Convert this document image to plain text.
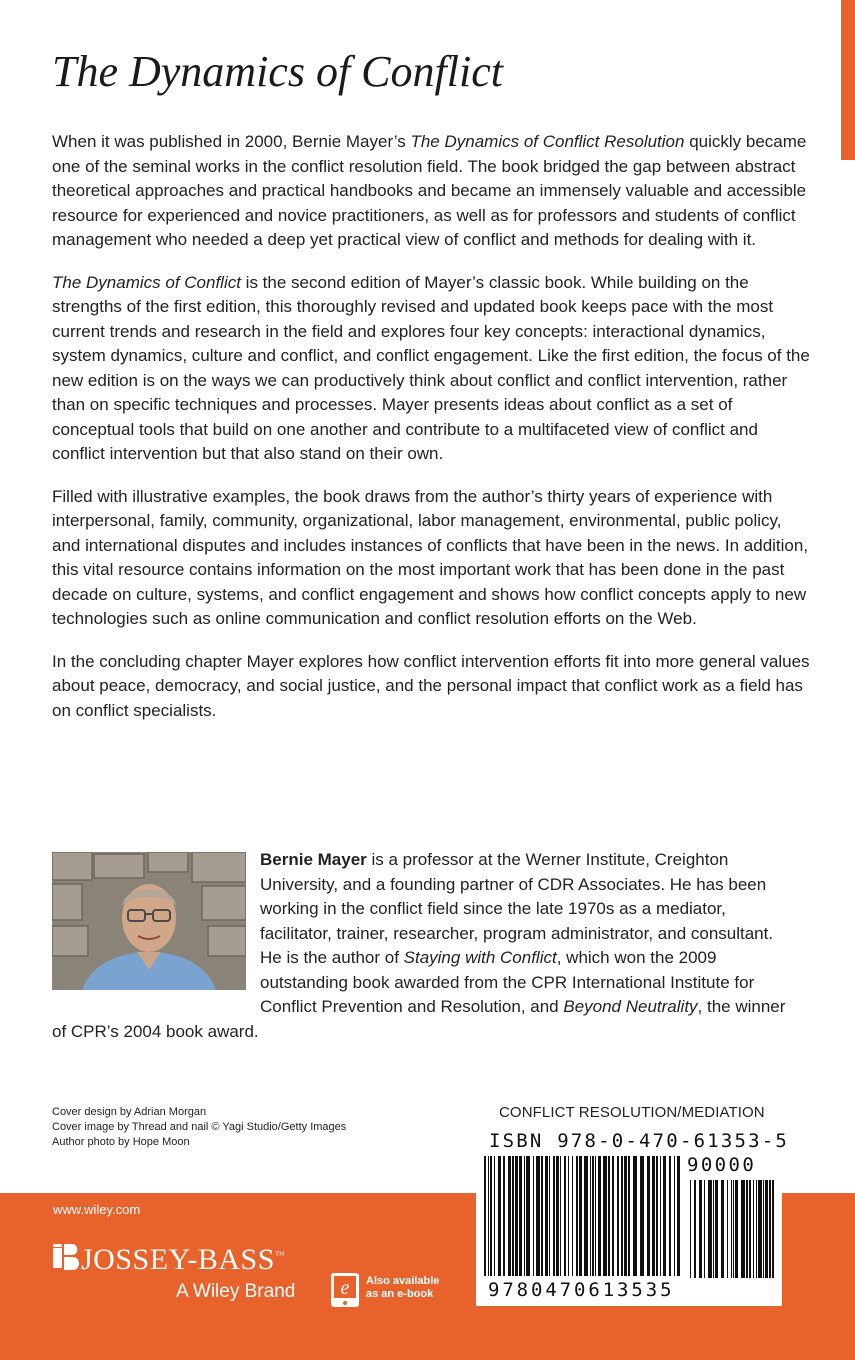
The Dynamics of Conflict

When it was published in 2000, Bernie Mayer’s The Dynamics of Conflict Resolution quickly became one of the seminal works in the conflict resolution field. The book bridged the gap between abstract theoretical approaches and practical handbooks and became an immensely valuable and accessible resource for experienced and novice practitioners, as well as for professors and students of conflict management who needed a deep yet practical view of conflict and methods for dealing with it.

The Dynamics of Conflict is the second edition of Mayer’s classic book. While building on the strengths of the first edition, this thoroughly revised and updated book keeps pace with the most current trends and research in the field and explores four key concepts: interactional dynamics, system dynamics, culture and conflict, and conflict engagement. Like the first edition, the focus of the new edition is on the ways we can productively think about conflict and conflict intervention, rather than on specific techniques and processes. Mayer presents ideas about conflict as a set of conceptual tools that build on one another and contribute to a multifaceted view of conflict and conflict intervention but that also stand on their own.

Filled with illustrative examples, the book draws from the author’s thirty years of experience with interpersonal, family, community, organizational, labor management, environmental, public policy, and international disputes and includes instances of conflicts that have been in the news. In addition, this vital resource contains information on the most important work that has been done in the past decade on culture, systems, and conflict engagement and shows how conflict concepts apply to new technologies such as online communication and conflict resolution efforts on the Web.

In the concluding chapter Mayer explores how conflict intervention efforts fit into more general values about peace, democracy, and social justice, and the personal impact that conflict work as a field has on conflict specialists.

Bernie Mayer is a professor at the Werner Institute, Creighton University, and a founding partner of CDR Associates. He has been working in the conflict field since the late 1970s as a mediator, facilitator, trainer, researcher, program administrator, and consultant. He is the author of Staying with Conflict, which won the 2009 outstanding book awarded from the CPR International Institute for Conflict Prevention and Resolution, and Beyond Neutrality, the winner of CPR’s 2004 book award.

Cover design by Adrian Morgan
Cover image by Thread and nail © Yagi Studio/Getty Images
Author photo by Hope Moon
CONFLICT RESOLUTION/MEDIATION
ISBN 978-0-470-61353-5
www.wiley.com
JOSSEY-BASS™
A Wiley Brand e Also available
as an e-book
90000
9780470613535
